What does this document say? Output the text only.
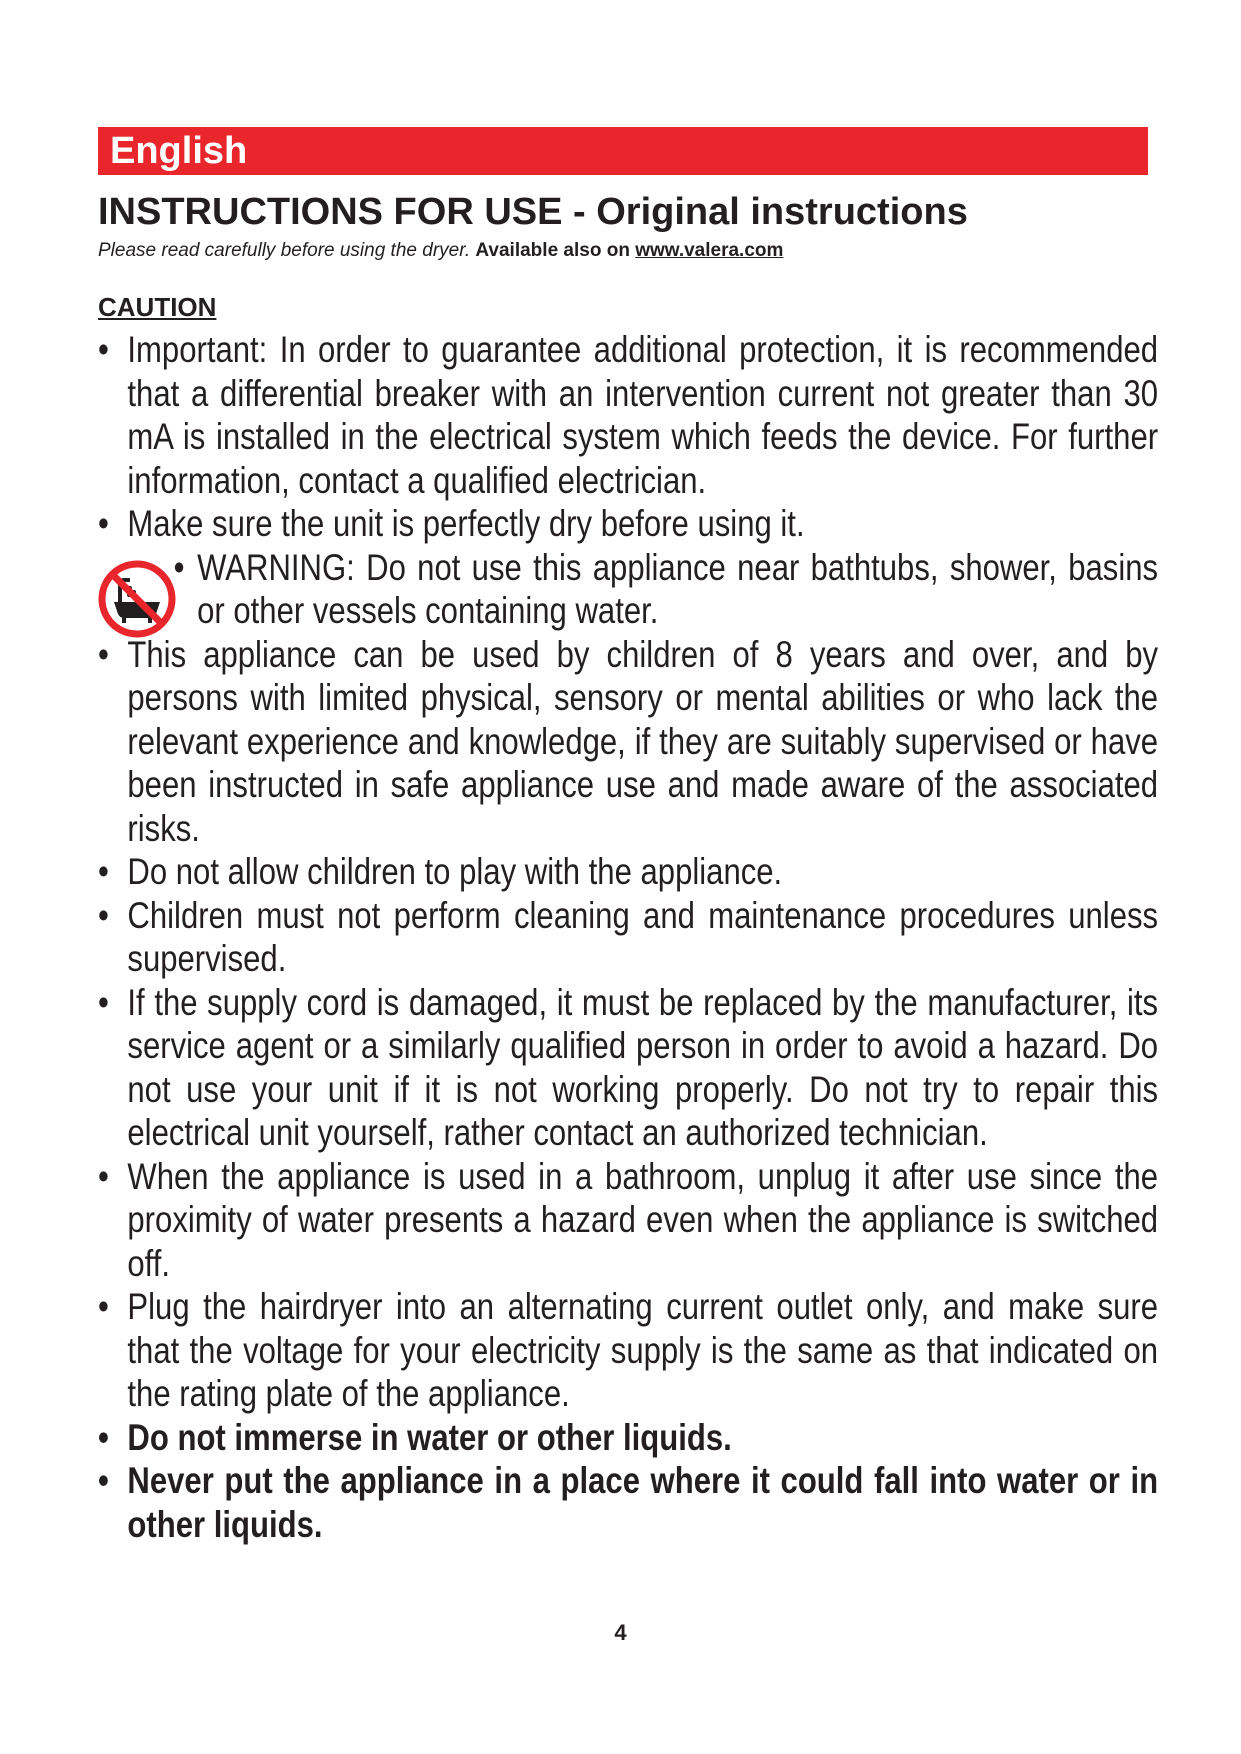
English
INSTRUCTIONS FOR USE - Original instructions
Please read carefully before using the dryer. Available also on www.valera.com
CAUTION
• Important: In order to guarantee additional protection, it is recommended that a differential breaker with an intervention current not greater than 30 mA is installed in the electrical system which feeds the device. For further information, contact a qualified electrician.
• Make sure the unit is perfectly dry before using it.
• WARNING: Do not use this appliance near bathtubs, shower, basins or other vessels containing water.
• This appliance can be used by children of 8 years and over, and by persons with limited physical, sensory or mental abilities or who lack the relevant experience and knowledge, if they are suitably supervised or have been instructed in safe appliance use and made aware of the associated risks.
• Do not allow children to play with the appliance.
• Children must not perform cleaning and maintenance procedures unless supervised.
• If the supply cord is damaged, it must be replaced by the manufacturer, its service agent or a similarly qualified person in order to avoid a hazard. Do not use your unit if it is not working properly. Do not try to repair this electrical unit yourself, rather contact an authorized technician.
• When the appliance is used in a bathroom, unplug it after use since the proximity of water presents a hazard even when the appliance is switched off.
• Plug the hairdryer into an alternating current outlet only, and make sure that the voltage for your electricity supply is the same as that indicated on the rating plate of the appliance.
• Do not immerse in water or other liquids.
• Never put the appliance in a place where it could fall into water or in other liquids.
4
